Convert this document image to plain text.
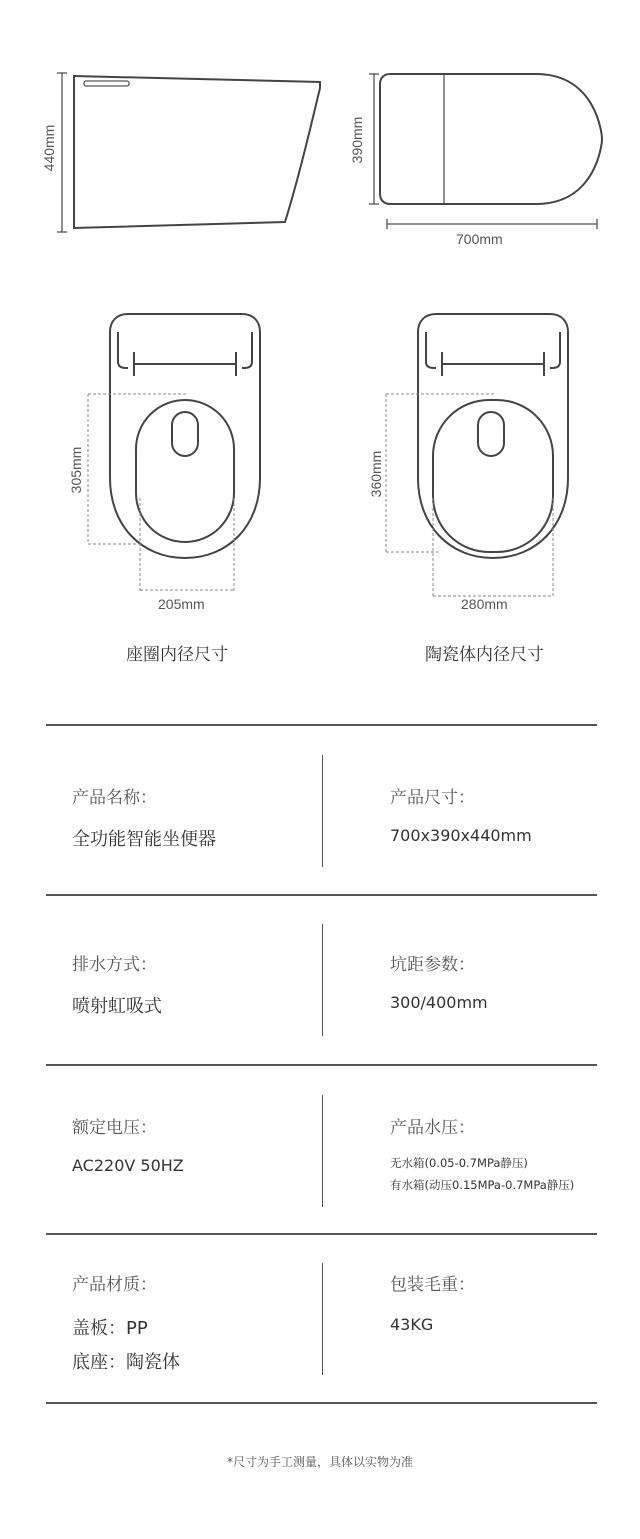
440mm	390mm
700mm
305mm
205mm
座圈内径尺寸
360mm
280mm
陶瓷体内径尺寸
产品名称：
全功能智能坐便器
产品尺寸：
700x390x440mm
排水方式：
喷射虹吸式
坑距参数：
300/400mm
额定电压：
AC220V 50HZ
产品水压：
无水箱(0.05-0.7MPa静压)
有水箱(动压0.15MPa-0.7MPa静压)
产品材质：
盖板：PP
底座：陶瓷体
包装毛重：
43KG
*尺寸为手工测量，具体以实物为准
